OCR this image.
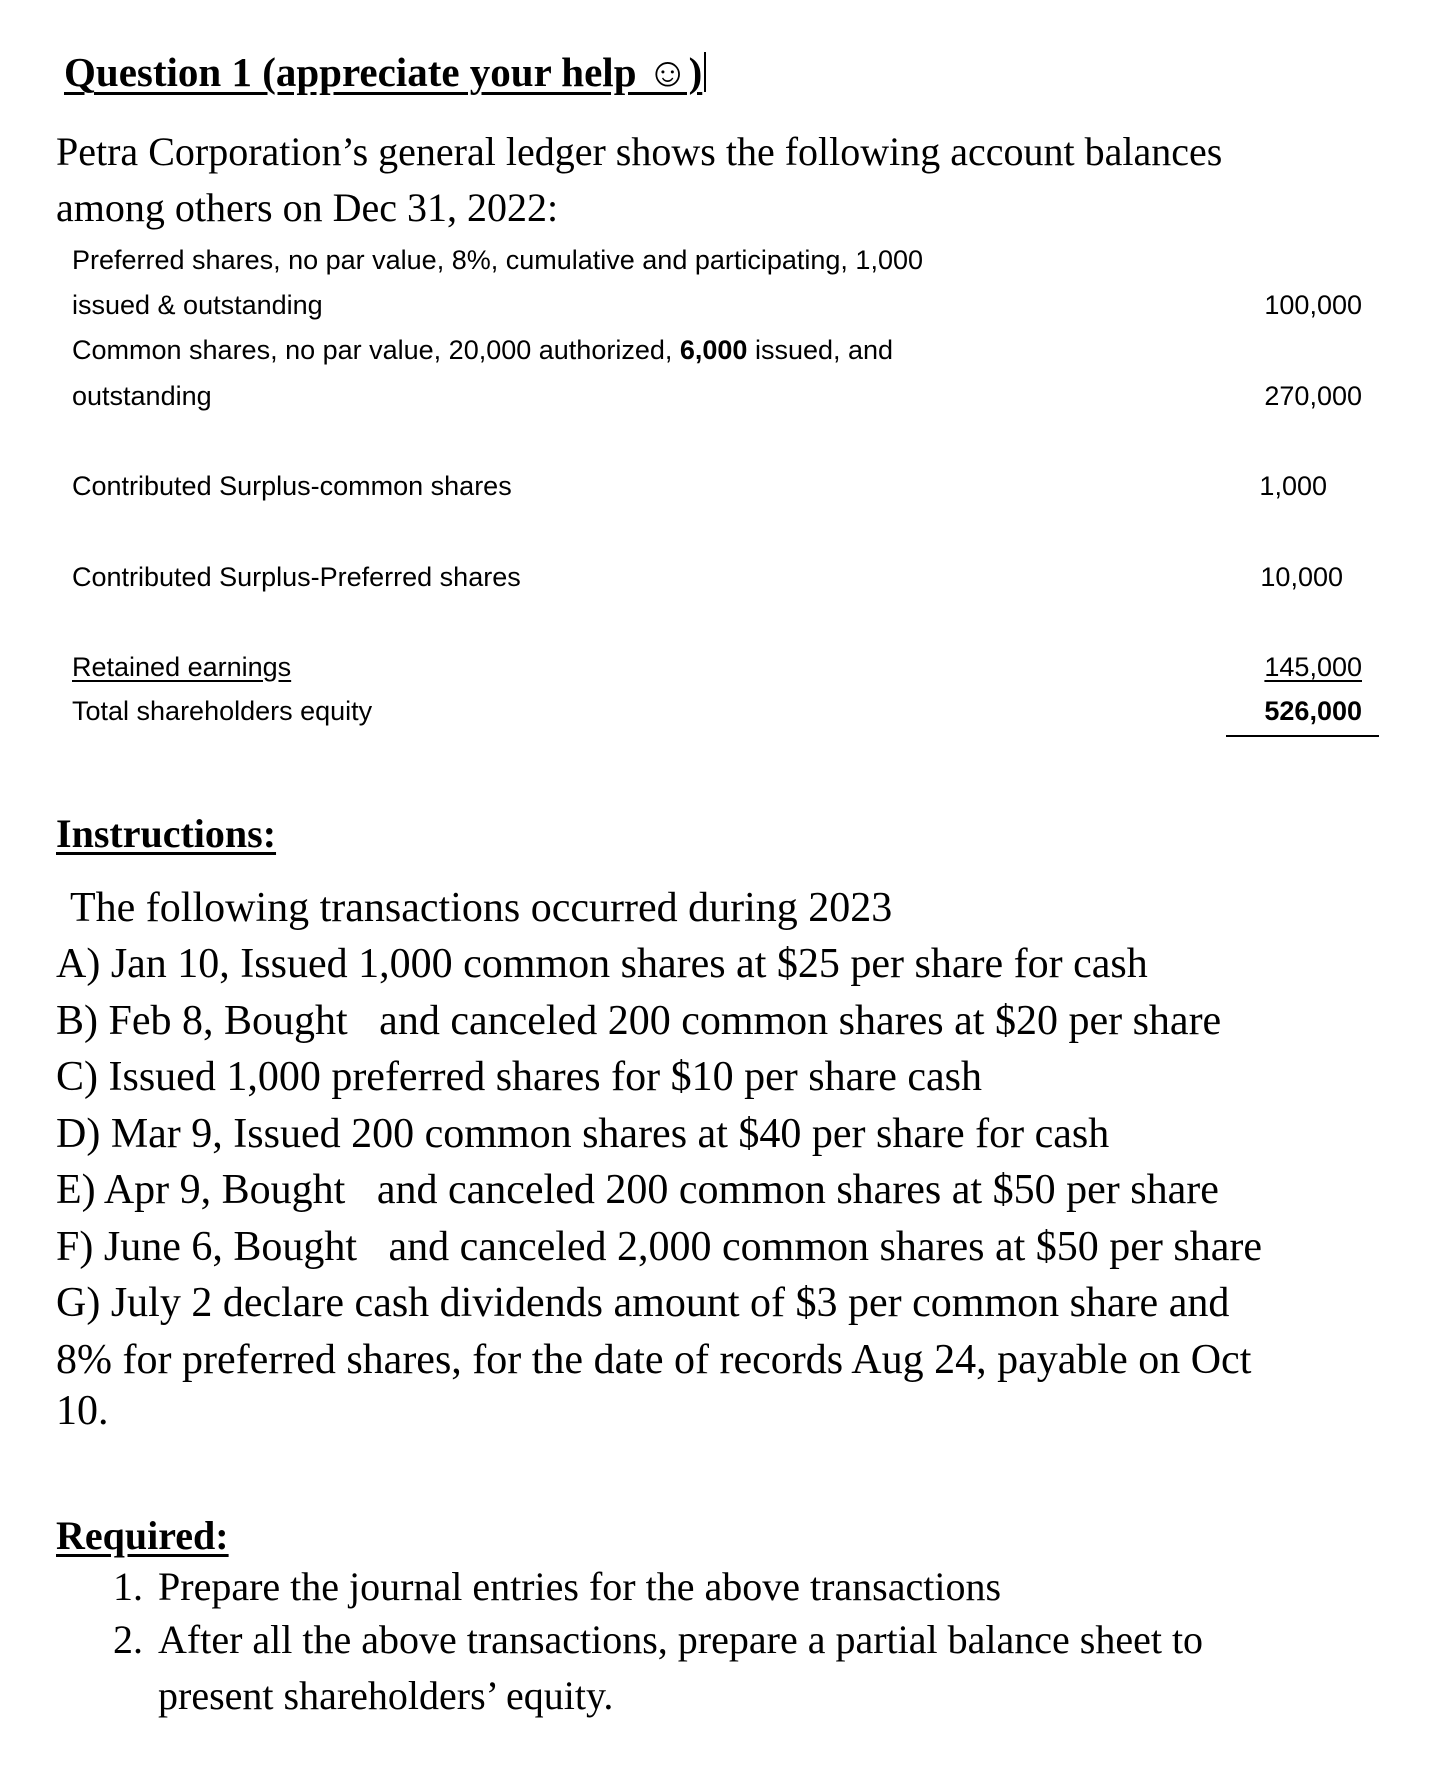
Question 1 (appreciate your help ☺)
Petra Corporation’s general ledger shows the following account balances
among others on Dec 31, 2022:
Preferred shares, no par value, 8%, cumulative and participating, 1,000
issued & outstanding	100,000
Common shares, no par value, 20,000 authorized, 6,000 issued, and
outstanding	270,000
Contributed Surplus-common shares	1,000
Contributed Surplus-Preferred shares	10,000
Retained earnings	145,000
Total shareholders equity	526,000
Instructions:
The following transactions occurred during 2023
A) Jan 10, Issued 1,000 common shares at $25 per share for cash
B) Feb 8, Bought   and canceled 200 common shares at $20 per share
C) Issued 1,000 preferred shares for $10 per share cash
D) Mar 9, Issued 200 common shares at $40 per share for cash
E) Apr 9, Bought   and canceled 200 common shares at $50 per share
F) June 6, Bought   and canceled 2,000 common shares at $50 per share
G) July 2 declare cash dividends amount of $3 per common share and
8% for preferred shares, for the date of records Aug 24, payable on Oct
10.
Required:
1. Prepare the journal entries for the above transactions
2. After all the above transactions, prepare a partial balance sheet to
present shareholders’ equity.
